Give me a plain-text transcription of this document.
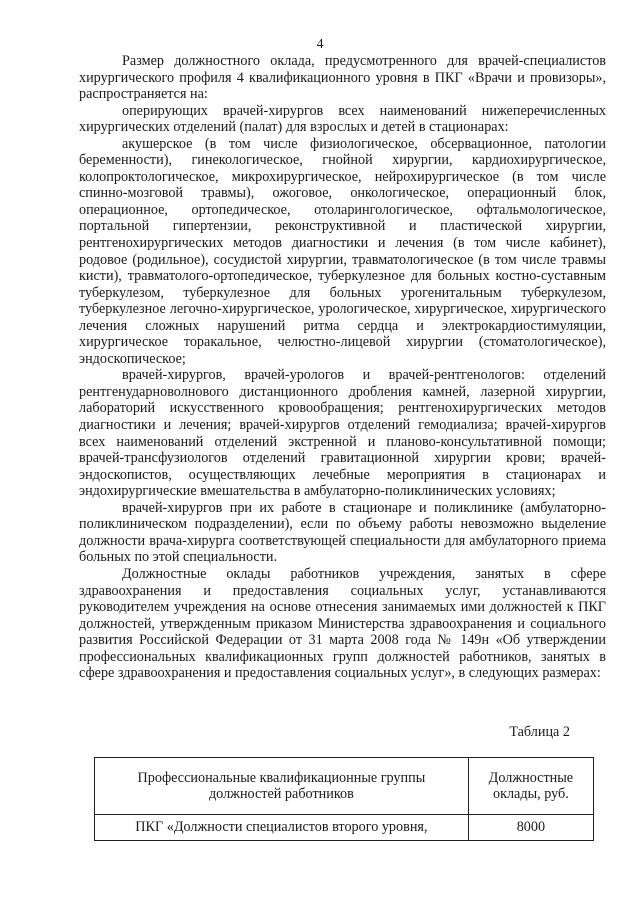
4

Размер должностного оклада, предусмотренного для врачей-специалистов хирургического профиля 4 квалификационного уровня в ПКГ «Врачи и провизоры», распространяется на:

оперирующих врачей-хирургов всех наименований нижеперечисленных хирургических отделений (палат) для взрослых и детей в стационарах:

акушерское (в том числе физиологическое, обсервационное, патологии беременности), гинекологическое, гнойной хирургии, кардиохирургическое, колопроктологическое, микрохирургическое, нейрохирургическое (в том числе спинно-мозговой травмы), ожоговое, онкологическое, операционный блок, операционное, ортопедическое, отоларингологическое, офтальмологическое, портальной гипертензии, реконструктивной и пластической хирургии, рентгенохирургических методов диагностики и лечения (в том числе кабинет), родовое (родильное), сосудистой хирургии, травматологическое (в том числе травмы кисти), травматолого-ортопедическое, туберкулезное для больных костно-суставным туберкулезом, туберкулезное для больных урогенитальным туберкулезом, туберкулезное легочно-хирургическое, урологическое, хирургическое, хирургического лечения сложных нарушений ритма сердца и электрокардиостимуляции, хирургическое торакальное, челюстно-лицевой хирургии (стоматологическое), эндоскопическое;

врачей-хирургов, врачей-урологов и врачей-рентгенологов: отделений рентгенударноволнового дистанционного дробления камней, лазерной хирургии, лабораторий искусственного кровообращения; рентгенохирургических методов диагностики и лечения; врачей-хирургов отделений гемодиализа; врачей-хирургов всех наименований отделений экстренной и планово-консультативной помощи; врачей-трансфузиологов отделений гравитационной хирургии крови; врачей-эндоскопистов, осуществляющих лечебные мероприятия в стационарах и эндохирургические вмешательства в амбулаторно-поликлинических условиях;

врачей-хирургов при их работе в стационаре и поликлинике (амбулаторно-поликлиническом подразделении), если по объему работы невозможно выделение должности врача-хирурга соответствующей специальности для амбулаторного приема больных по этой специальности.

Должностные оклады работников учреждения, занятых в сфере здравоохранения и предоставления социальных услуг, устанавливаются руководителем учреждения на основе отнесения занимаемых ими должностей к ПКГ должностей, утвержденным приказом Министерства здравоохранения и социального развития Российской Федерации от 31 марта 2008 года № 149н «Об утверждении профессиональных квалификационных групп должностей работников, занятых в сфере здравоохранения и предоставления социальных услуг», в следующих размерах:

Таблица 2
Профессиональные квалификационные группы должностей работников	Должностные оклады, руб.
ПКГ «Должности специалистов второго уровня,	8000
